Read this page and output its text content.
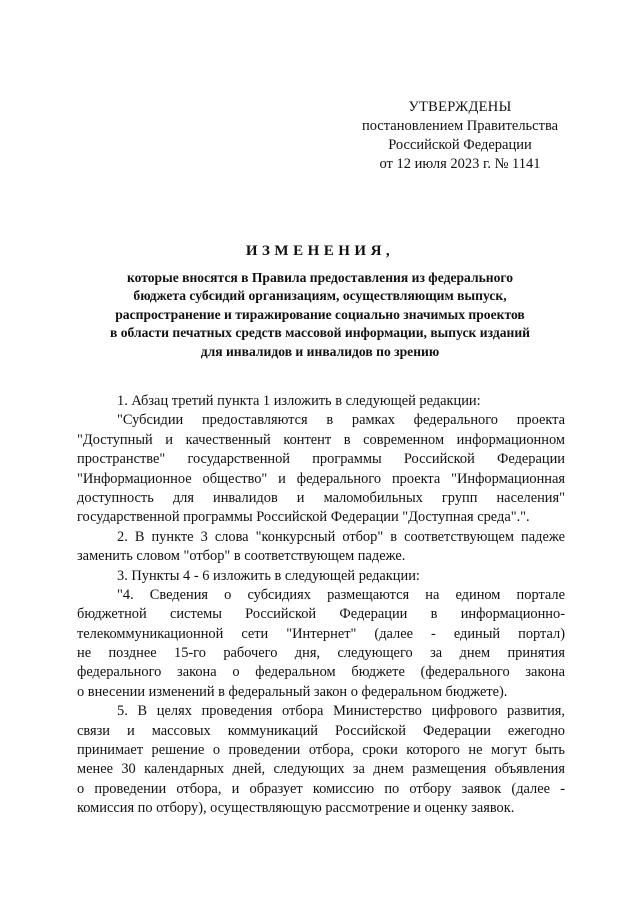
УТВЕРЖДЕНЫ
постановлением Правительства
Российской Федерации
от 12 июля 2023 г. № 1141
ИЗМЕНЕНИЯ,
которые вносятся в Правила предоставления из федерального
бюджета субсидий организациям, осуществляющим выпуск,
распространение и тиражирование социально значимых проектов
в области печатных средств массовой информации, выпуск изданий
для инвалидов и инвалидов по зрению
1. Абзац третий пункта 1 изложить в следующей редакции:
"Субсидии предоставляются в рамках федерального проекта
"Доступный и качественный контент в современном информационном
пространстве" государственной программы Российской Федерации
"Информационное общество" и федерального проекта "Информационная
доступность для инвалидов и маломобильных групп населения"
государственной программы Российской Федерации "Доступная среда".".
2. В пункте 3 слова "конкурсный отбор" в соответствующем падеже
заменить словом "отбор" в соответствующем падеже.
3. Пункты 4 - 6 изложить в следующей редакции:
"4. Сведения о субсидиях размещаются на едином портале
бюджетной системы Российской Федерации в информационно-
телекоммуникационной сети "Интернет" (далее - единый портал)
не позднее 15-го рабочего дня, следующего за днем принятия
федерального закона о федеральном бюджете (федерального закона
о внесении изменений в федеральный закон о федеральном бюджете).
5. В целях проведения отбора Министерство цифрового развития,
связи и массовых коммуникаций Российской Федерации ежегодно
принимает решение о проведении отбора, сроки которого не могут быть
менее 30 календарных дней, следующих за днем размещения объявления
о проведении отбора, и образует комиссию по отбору заявок (далее -
комиссия по отбору), осуществляющую рассмотрение и оценку заявок.
